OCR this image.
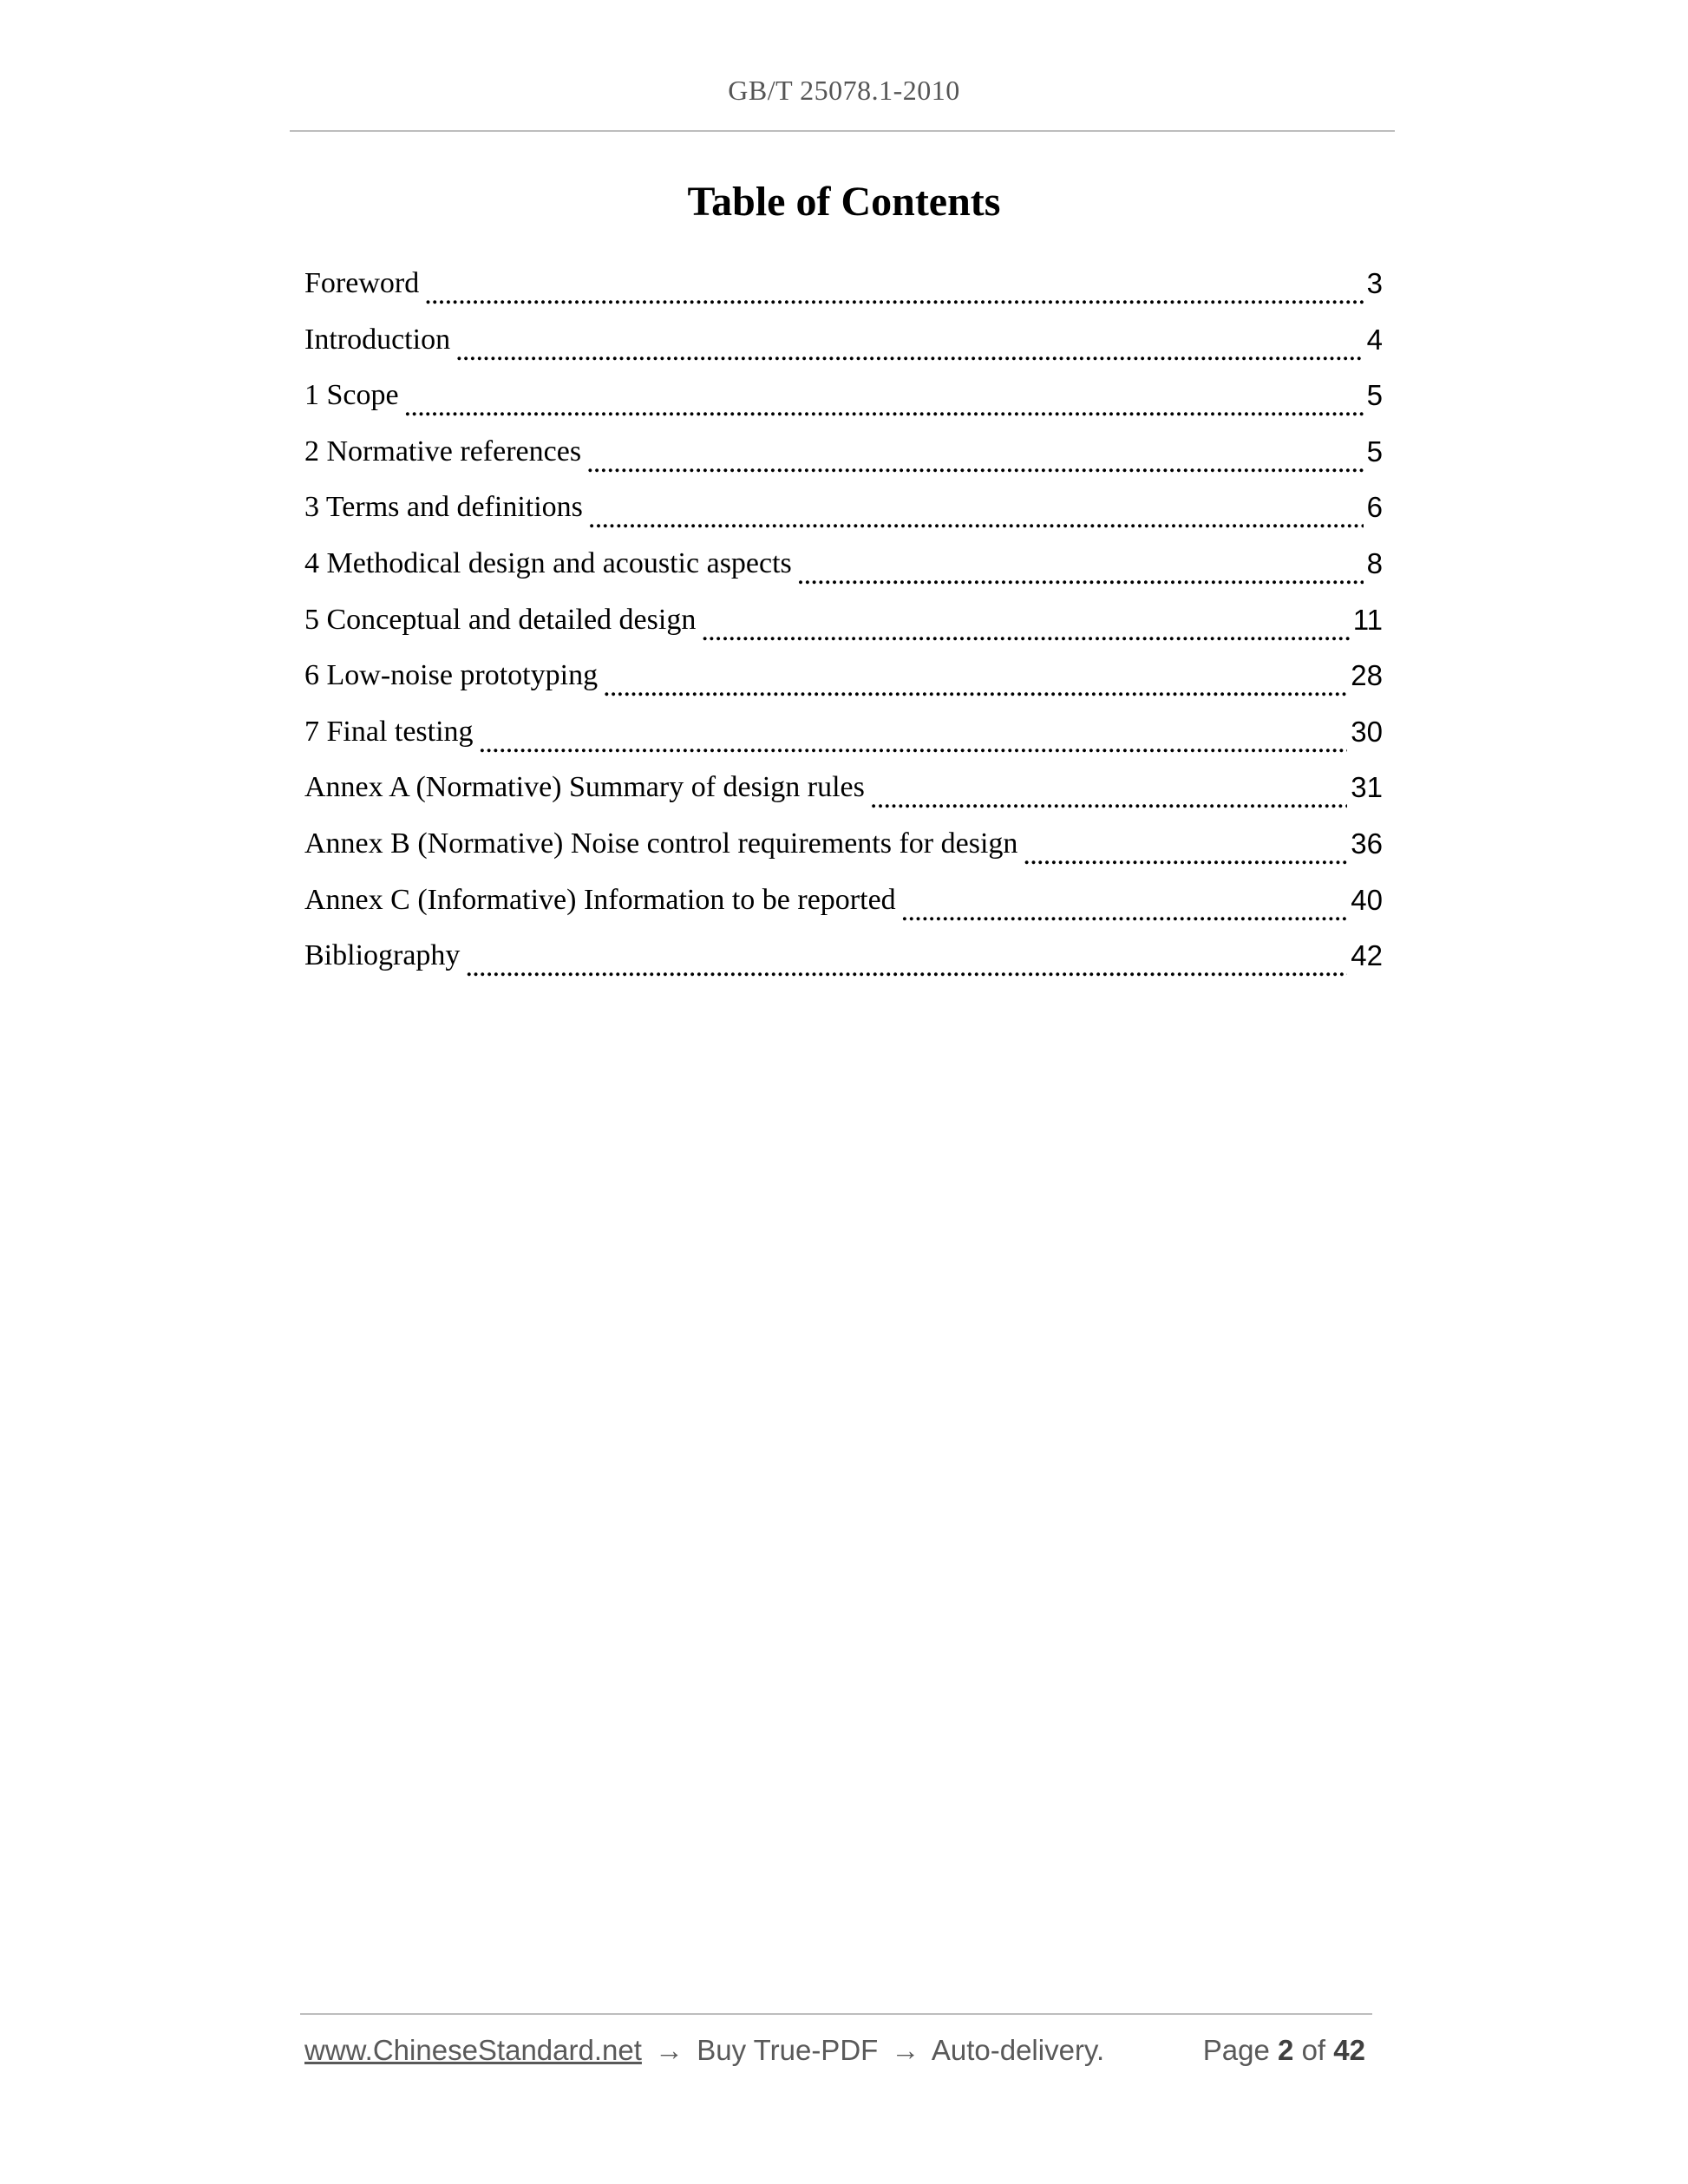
GB/T 25078.1-2010
Table of Contents
Foreword . . .	3
Introduction . . .	4
1 Scope . . .	5
2 Normative references . . .	5
3 Terms and definitions . . .	6
4 Methodical design and acoustic aspects . . .	8
5 Conceptual and detailed design . . .	11
6 Low-noise prototyping . . .	28
7 Final testing . . .	30
Annex A (Normative) Summary of design rules . . .	31
Annex B (Normative) Noise control requirements for design . . .	36
Annex C (Informative) Information to be reported . . .	40
Bibliography . . .	42
www.ChineseStandard.net → Buy True-PDF → Auto-delivery.	Page 2 of 42
